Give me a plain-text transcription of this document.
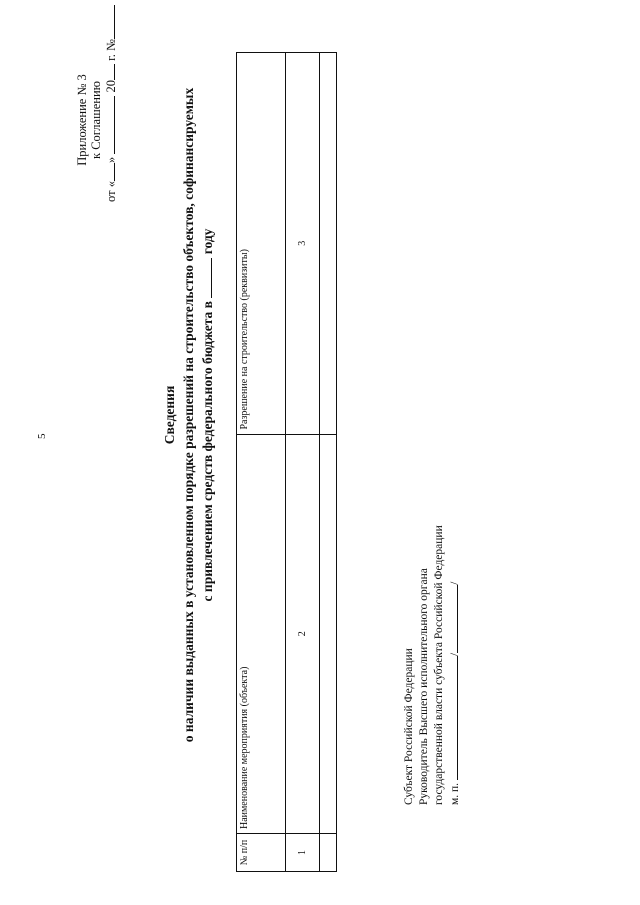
5
Приложение № 3 к Соглашению
от «»  20 г. №
Сведения о наличии выданных в установленном порядке разрешений на строительство объектов, софинансируемых с привлечением средств федерального бюджета в  году
№ п/п	Наименование мероприятия (объекта)	Разрешение на строительство (реквизиты)
1	2	3

Субъект Российской Федерации Руководитель Высшего исполнительного органа государственной власти субъекта Российской Федерации м. п. //
